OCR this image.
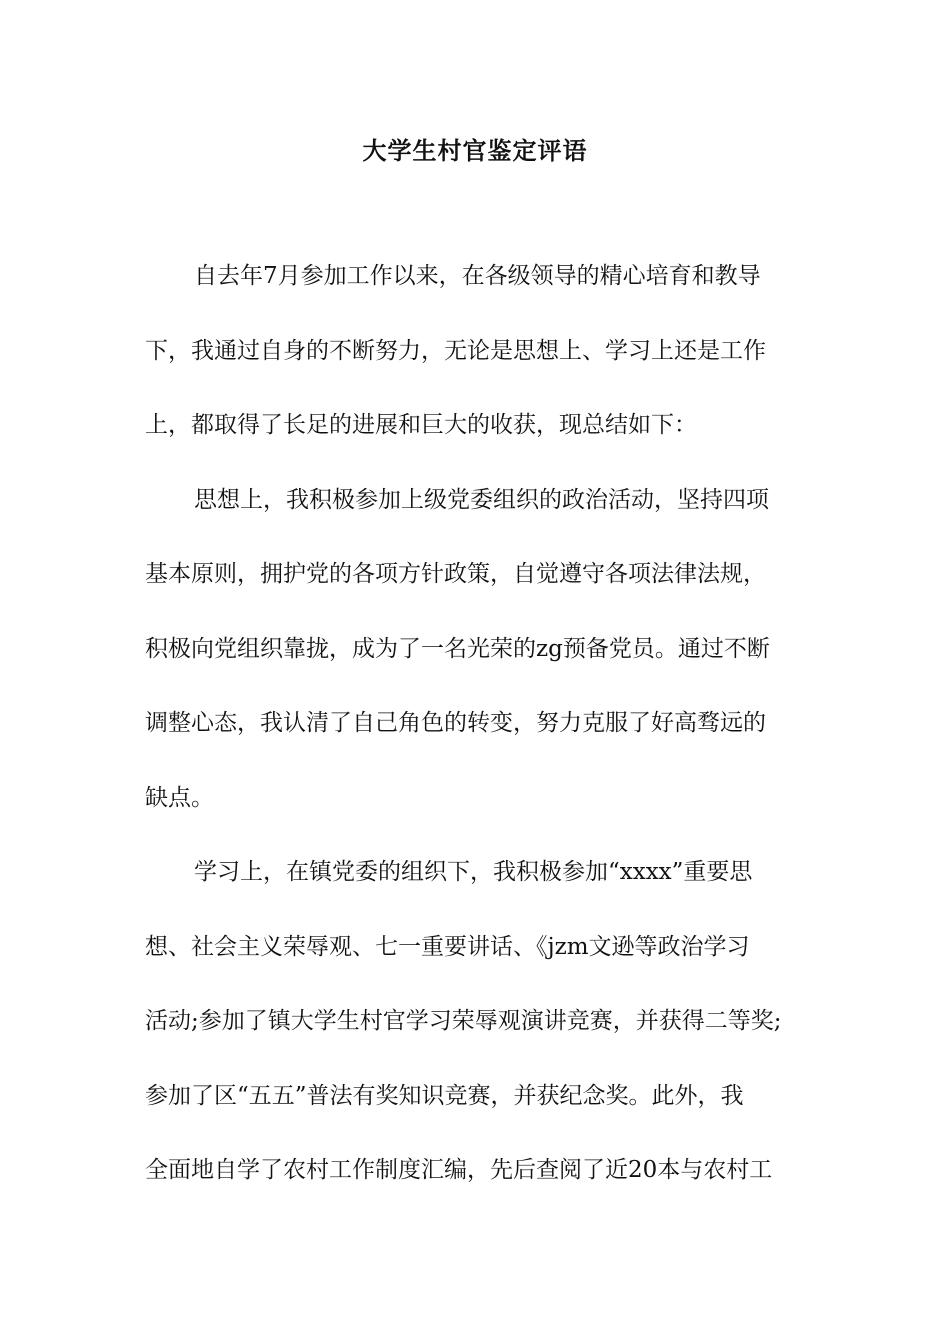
大学生村官鉴定评语

自去年7月参加工作以来，在各级领导的精心培育和教导

下，我通过自身的不断努力，无论是思想上、学习上还是工作

上，都取得了长足的进展和巨大的收获，现总结如下：

思想上，我积极参加上级党委组织的政治活动，坚持四项

基本原则，拥护党的各项方针政策，自觉遵守各项法律法规，

积极向党组织靠拢，成为了一名光荣的zg预备党员。通过不断

调整心态，我认清了自己角色的转变，努力克服了好高骛远的

缺点。

学习上，在镇党委的组织下，我积极参加“xxxx”重要思

想、社会主义荣辱观、七一重要讲话、《jzm文逊等政治学习

活动;参加了镇大学生村官学习荣辱观演讲竞赛，并获得二等奖;

参加了区“五五”普法有奖知识竞赛，并获纪念奖。此外，我

全面地自学了农村工作制度汇编，先后查阅了近20本与农村工
